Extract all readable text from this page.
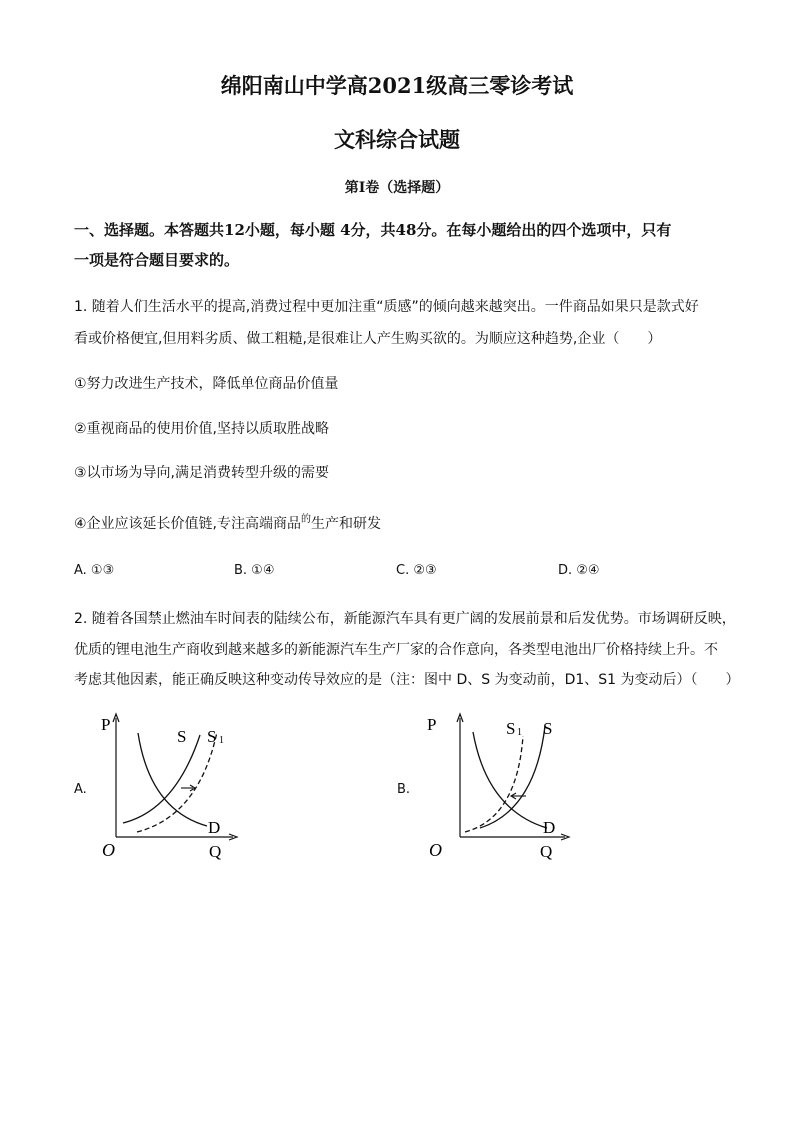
绵阳南山中学高2021级高三零诊考试
文科综合试题
第Ⅰ卷（选择题）
一、选择题。本答题共12小题，每小题 4分，共48分。在每小题给出的四个选项中，只有
一项是符合题目要求的。
1. 随着人们生活水平的提高,消费过程中更加注重“质感”的倾向越来越突出。一件商品如果只是款式好
看或价格便宜,但用料劣质、做工粗糙,是很难让人产生购买欲的。为顺应这种趋势,企业（　　）
①努力改进生产技术，降低单位商品价值量
②重视商品的使用价值,坚持以质取胜战略
③以市场为导向,满足消费转型升级的需要
④企业应该延长价值链,专注高端商品$^的$生产和研发
A. ①③	B. ①④	C. ②③	D. ②④
2. 随着各国禁止燃油车时间表的陆续公布，新能源汽车具有更广阔的发展前景和后发优势。市场调研反映，
优质的锂电池生产商收到越来越多的新能源汽车生产厂家的合作意向，各类型电池出厂价格持续上升。不
考虑其他因素，能正确反映这种变动传导效应的是（注：图中 D、S 为变动前，D1、S1 为变动后）（　　）
A.
P
S S 1
D
O	Q
B.
P	S 1 S
D
O	Q
